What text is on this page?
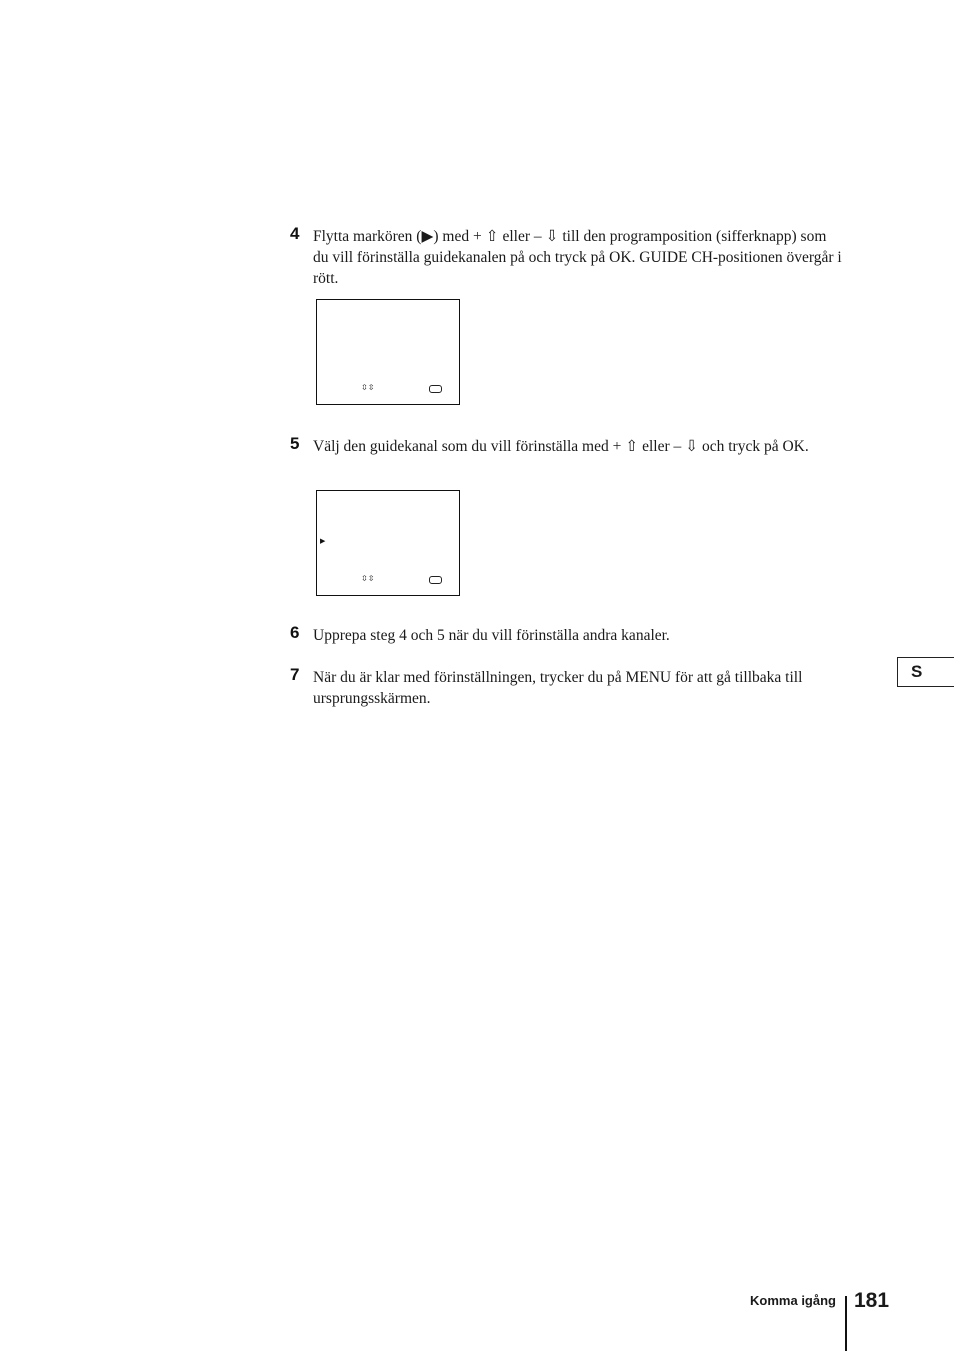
4 Flytta markören (▶) med + ⇧ eller – ⇩ till den programposition (sifferknapp) som du vill förinställa guidekanalen på och tryck på OK. GUIDE CH-positionen övergår i rött.

⇳⇳
5 Välj den guidekanal som du vill förinställa med + ⇧ eller – ⇩ och tryck på OK.

▶
⇳⇳
6 Upprepa steg 4 och 5 när du vill förinställa andra kanaler.

7 När du är klar med förinställningen, trycker du på MENU för att gå tillbaka till ursprungsskärmen.

S
Komma igång 181
